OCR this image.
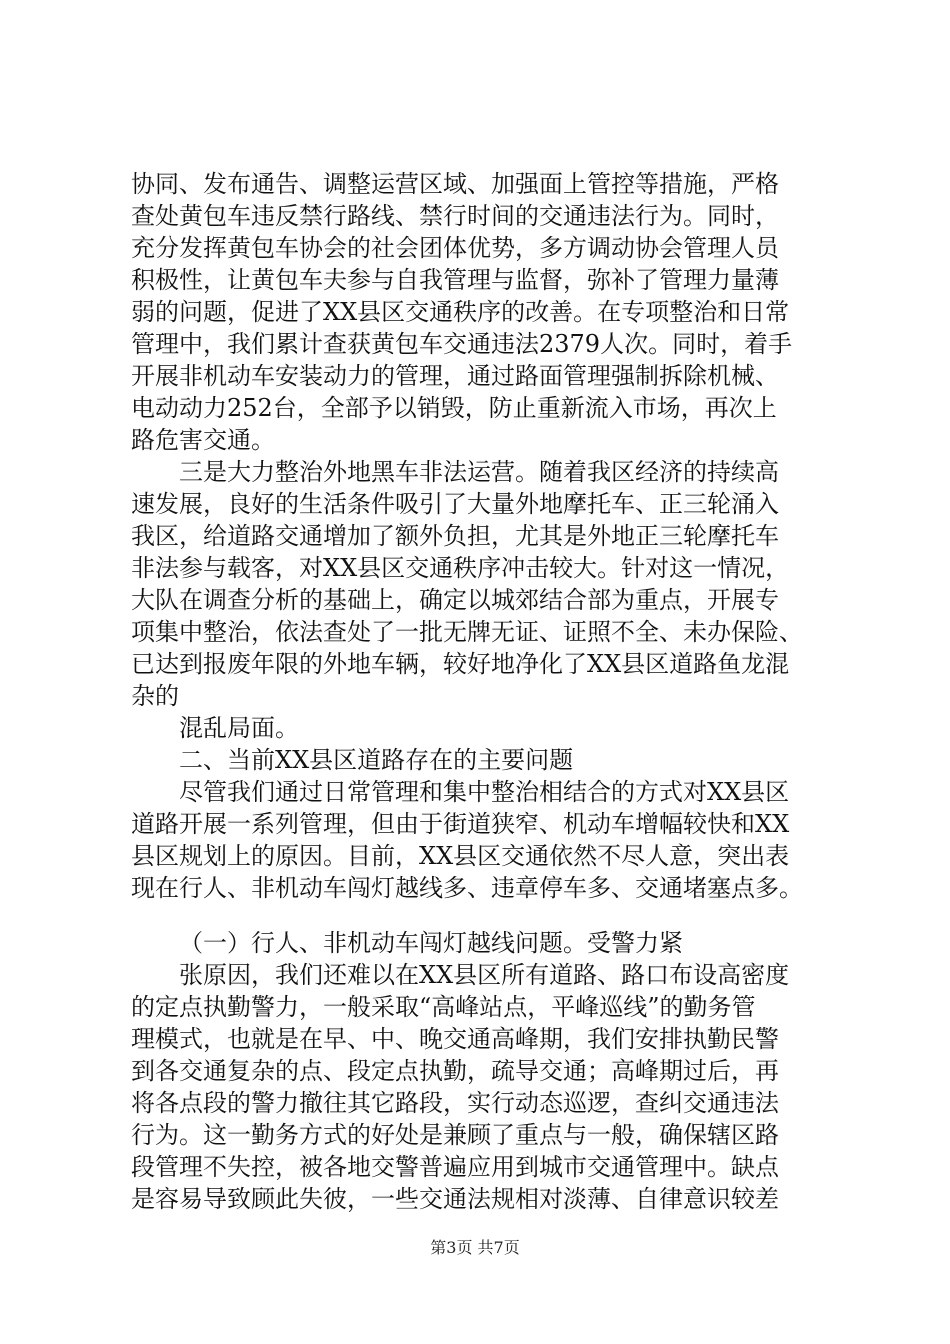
协同、发布通告、调整运营区域、加强面上管控等措施，严格
查处黄包车违反禁行路线、禁行时间的交通违法行为。同时，
充分发挥黄包车协会的社会团体优势，多方调动协会管理人员
积极性，让黄包车夫参与自我管理与监督，弥补了管理力量薄
弱的问题，促进了XX县区交通秩序的改善。在专项整治和日常
管理中，我们累计查获黄包车交通违法2379人次。同时，着手
开展非机动车安装动力的管理，通过路面管理强制拆除机械、
电动动力252台，全部予以销毁，防止重新流入市场，再次上
路危害交通。
三是大力整治外地黑车非法运营。随着我区经济的持续高
速发展，良好的生活条件吸引了大量外地摩托车、正三轮涌入
我区，给道路交通增加了额外负担，尤其是外地正三轮摩托车
非法参与载客，对XX县区交通秩序冲击较大。针对这一情况，
大队在调查分析的基础上，确定以城郊结合部为重点，开展专
项集中整治，依法查处了一批无牌无证、证照不全、未办保险、
已达到报废年限的外地车辆，较好地净化了XX县区道路鱼龙混
杂的
混乱局面。
二、当前XX县区道路存在的主要问题
尽管我们通过日常管理和集中整治相结合的方式对XX县区
道路开展一系列管理，但由于街道狭窄、机动车增幅较快和XX
县区规划上的原因。目前，XX县区交通依然不尽人意，突出表
现在行人、非机动车闯灯越线多、违章停车多、交通堵塞点多。
（一）行人、非机动车闯灯越线问题。受警力紧
张原因，我们还难以在XX县区所有道路、路口布设高密度
的定点执勤警力，一般采取“高峰站点，平峰巡线”的勤务管
理模式，也就是在早、中、晚交通高峰期，我们安排执勤民警
到各交通复杂的点、段定点执勤，疏导交通；高峰期过后，再
将各点段的警力撤往其它路段，实行动态巡逻，查纠交通违法
行为。这一勤务方式的好处是兼顾了重点与一般，确保辖区路
段管理不失控，被各地交警普遍应用到城市交通管理中。缺点
是容易导致顾此失彼，一些交通法规相对淡薄、自律意识较差
第3页 共7页
